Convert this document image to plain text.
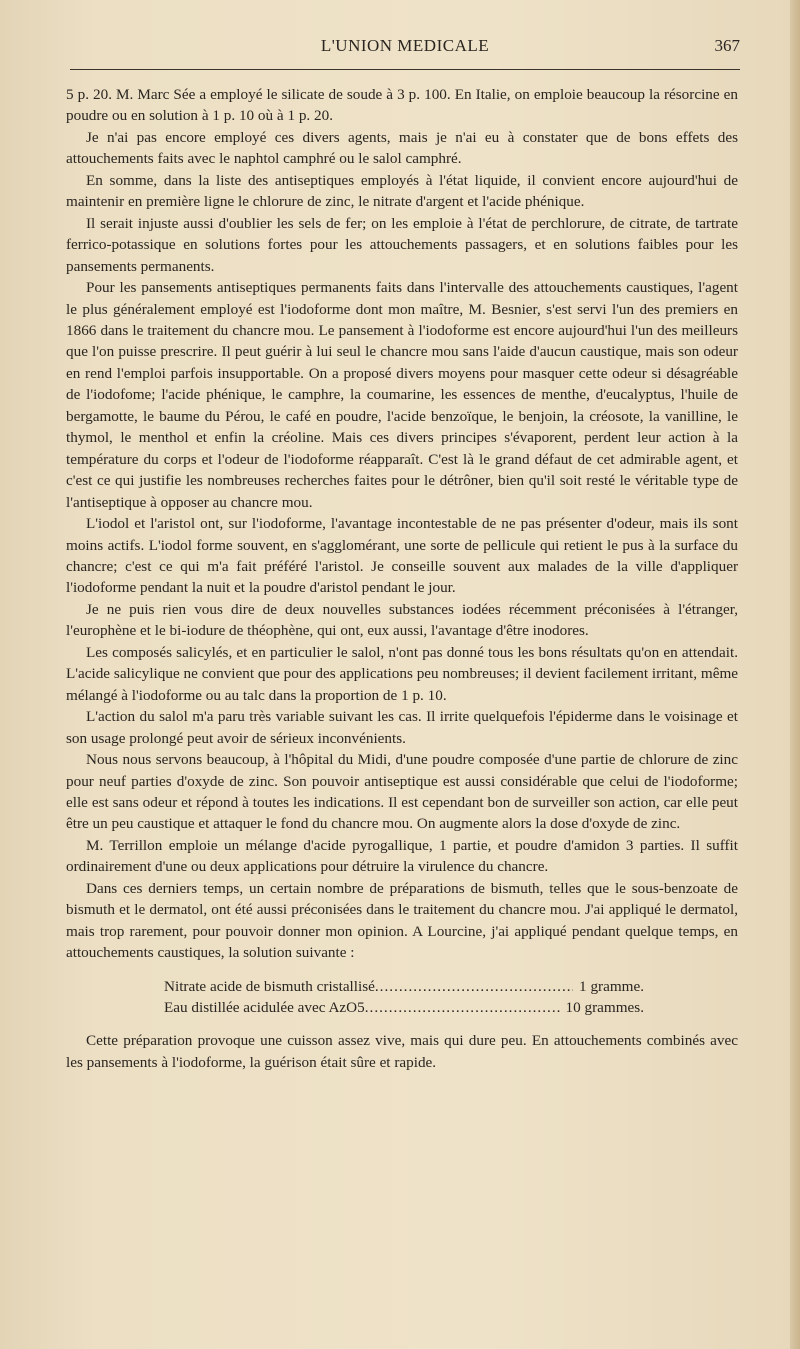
L'UNION MEDICALE	367

5 p. 20. M. Marc Sée a employé le silicate de soude à 3 p. 100. En Italie, on emploie beaucoup la résorcine en poudre ou en solution à 1 p. 10 où à 1 p. 20.

Je n'ai pas encore employé ces divers agents, mais je n'ai eu à constater que de bons effets des attouchements faits avec le naphtol camphré ou le salol camphré.

En somme, dans la liste des antiseptiques employés à l'état liquide, il convient encore aujourd'hui de maintenir en première ligne le chlorure de zinc, le nitrate d'argent et l'acide phénique.

Il serait injuste aussi d'oublier les sels de fer; on les emploie à l'état de perchlorure, de citrate, de tartrate ferrico-potassique en solutions fortes pour les attouchements passagers, et en solutions faibles pour les pansements permanents.

Pour les pansements antiseptiques permanents faits dans l'intervalle des attouchements caustiques, l'agent le plus généralement employé est l'iodoforme dont mon maître, M. Besnier, s'est servi l'un des premiers en 1866 dans le traitement du chancre mou. Le pansement à l'iodoforme est encore aujourd'hui l'un des meilleurs que l'on puisse prescrire. Il peut guérir à lui seul le chancre mou sans l'aide d'aucun caustique, mais son odeur en rend l'emploi parfois insupportable. On a proposé divers moyens pour masquer cette odeur si désagréable de l'iodofome; l'acide phénique, le camphre, la coumarine, les essences de menthe, d'eucalyptus, l'huile de bergamotte, le baume du Pérou, le café en poudre, l'acide benzoïque, le benjoin, la créosote, la vanilline, le thymol, le menthol et enfin la créoline. Mais ces divers principes s'évaporent, perdent leur action à la température du corps et l'odeur de l'iodoforme réapparaît. C'est là le grand défaut de cet admirable agent, et c'est ce qui justifie les nombreuses recherches faites pour le détrôner, bien qu'il soit resté le véritable type de l'antiseptique à opposer au chancre mou.

L'iodol et l'aristol ont, sur l'iodoforme, l'avantage incontestable de ne pas présenter d'odeur, mais ils sont moins actifs. L'iodol forme souvent, en s'agglomérant, une sorte de pellicule qui retient le pus à la surface du chancre; c'est ce qui m'a fait préféré l'aristol. Je conseille souvent aux malades de la ville d'appliquer l'iodoforme pendant la nuit et la poudre d'aristol pendant le jour.

Je ne puis rien vous dire de deux nouvelles substances iodées récemment préconisées à l'étranger, l'europhène et le bi-iodure de théophène, qui ont, eux aussi, l'avantage d'être inodores.

Les composés salicylés, et en particulier le salol, n'ont pas donné tous les bons résultats qu'on en attendait. L'acide salicylique ne convient que pour des applications peu nombreuses; il devient facilement irritant, même mélangé à l'iodoforme ou au talc dans la proportion de 1 p. 10.

L'action du salol m'a paru très variable suivant les cas. Il irrite quelquefois l'épiderme dans le voisinage et son usage prolongé peut avoir de sérieux inconvénients.

Nous nous servons beaucoup, à l'hôpital du Midi, d'une poudre composée d'une partie de chlorure de zinc pour neuf parties d'oxyde de zinc. Son pouvoir antiseptique est aussi considérable que celui de l'iodoforme; elle est sans odeur et répond à toutes les indications. Il est cependant bon de surveiller son action, car elle peut être un peu caustique et attaquer le fond du chancre mou. On augmente alors la dose d'oxyde de zinc.

M. Terrillon emploie un mélange d'acide pyrogallique, 1 partie, et poudre d'amidon 3 parties. Il suffit ordinairement d'une ou deux applications pour détruire la virulence du chancre.

Dans ces derniers temps, un certain nombre de préparations de bismuth, telles que le sous-benzoate de bismuth et le dermatol, ont été aussi préconisées dans le traitement du chancre mou. J'ai appliqué le dermatol, mais trop rarement, pour pouvoir donner mon opinion. A Lourcine, j'ai appliqué pendant quelque temps, en attouchements caustiques, la solution suivante :

Nitrate acide de bismuth cristallisé .....	1 gramme.
Eau distillée acidulée avec AzO5 .....	10 grammes.

Cette préparation provoque une cuisson assez vive, mais qui dure peu. En attouchements combinés avec les pansements à l'iodoforme, la guérison était sûre et rapide.
